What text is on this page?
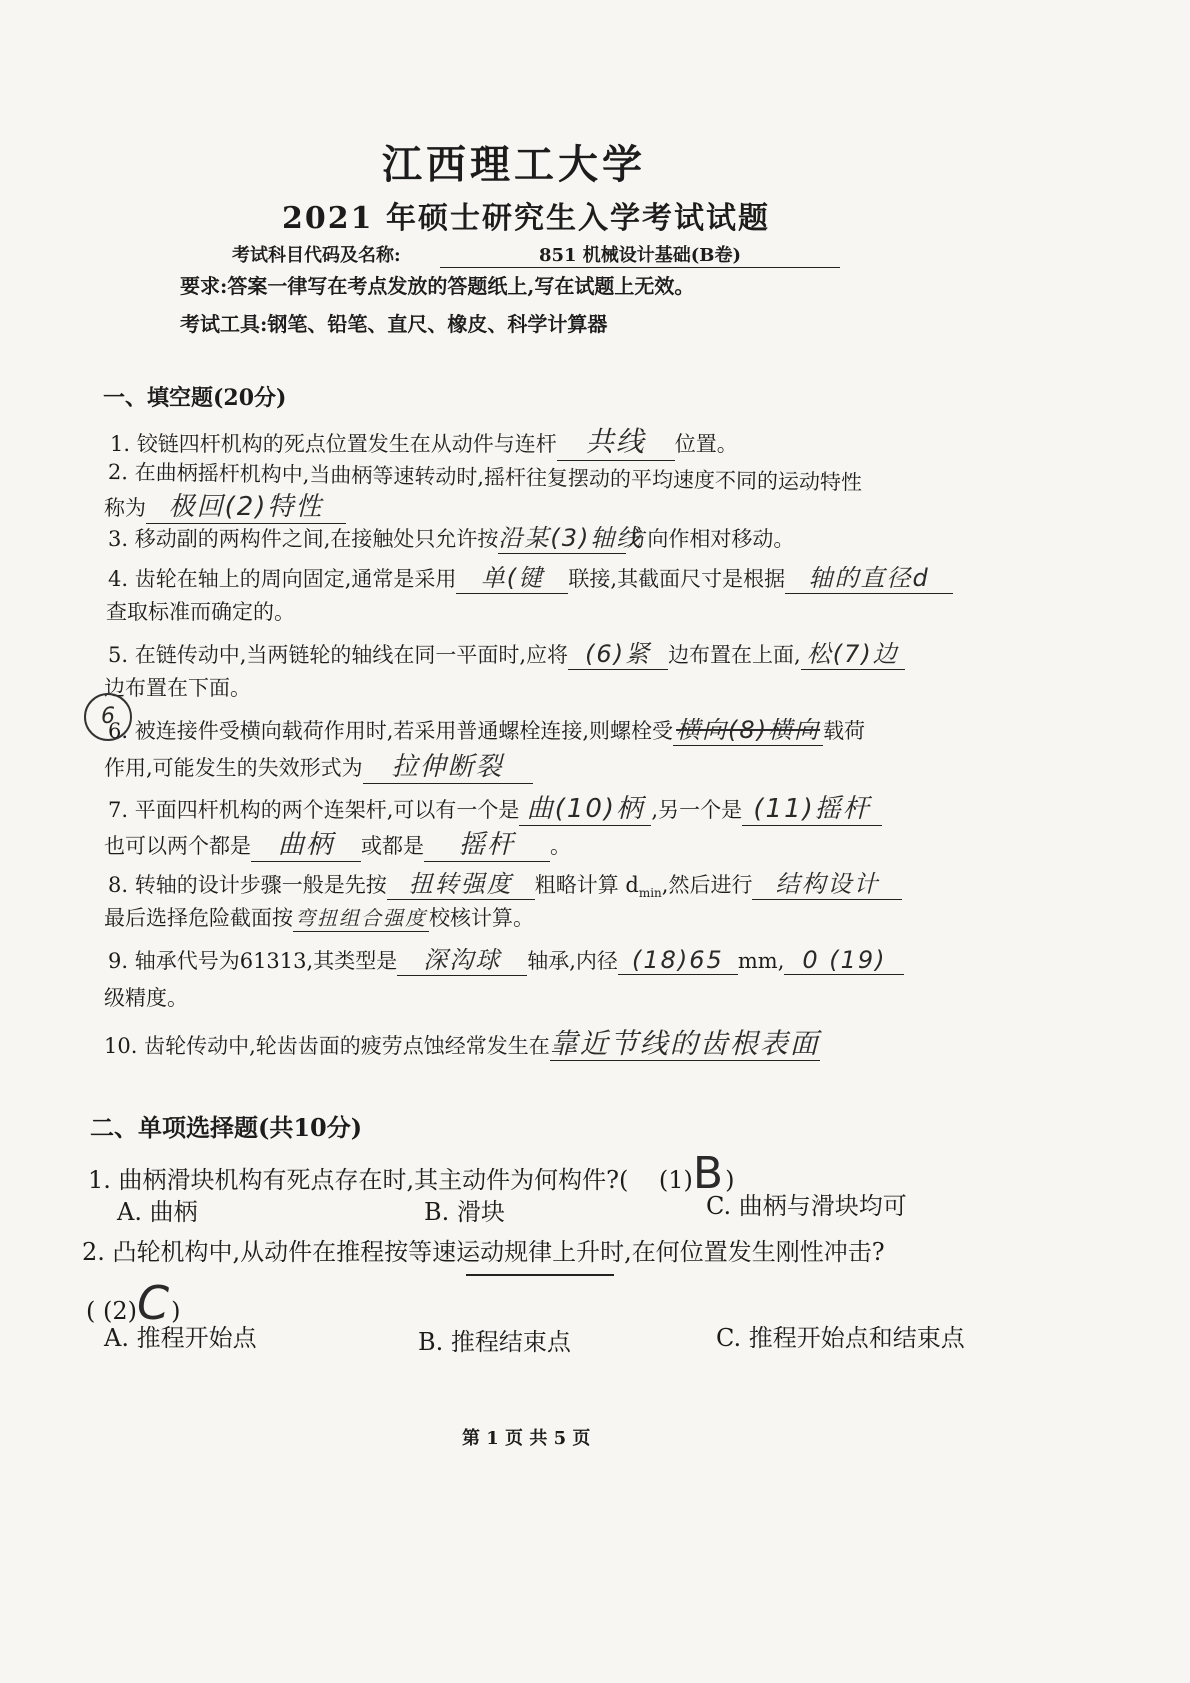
江西理工大学
2021 年硕士研究生入学考试试题
考试科目代码及名称:	851 机械设计基础(B卷)
要求:答案一律写在考点发放的答题纸上,写在试题上无效。
考试工具:钢笔、铅笔、直尺、橡皮、科学计算器
一、填空题(20分)
1. 铰链四杆机构的死点位置发生在从动件与连杆 共线 位置。
2. 在曲柄摇杆机构中,当曲柄等速转动时,摇杆往复摆动的平均速度不同的运动特性
称为 极回(2)特性
3. 移动副的两构件之间,在接触处只允许按沿某(3)轴线方向作相对移动。
4. 齿轮在轴上的周向固定,通常是采用 单(键 联接,其截面尺寸是根据 轴的直径d
查取标准而确定的。
5. 在链传动中,当两链轮的轴线在同一平面时,应将 (6)紧 边布置在上面, 松(7)边
边布置在下面。
6
6. 被连接件受横向载荷作用时,若采用普通螺栓连接,则螺栓受 横向(8)横向 载荷
作用,可能发生的失效形式为 拉伸断裂
7. 平面四杆机构的两个连架杆,可以有一个是 曲(10)柄 ,另一个是 (11)摇杆
也可以两个都是 曲柄 或都是 摇杆 。
8. 转轴的设计步骤一般是先按 扭转强度 粗略计算 $d_{min}$,然后进行 结构设计
最后选择危险截面按 弯扭组合强度校核计算。
9. 轴承代号为61313,其类型是 深沟球 轴承,内径 (18)65 mm, 0 (19)
级精度。
10. 齿轮传动中,轮齿齿面的疲劳点蚀经常发生在靠近节线的齿根表面
二、单项选择题(共10分)
1. 曲柄滑块机构有死点存在时,其主动件为何构件?( (1)B)
A. 曲柄	B. 滑块	C. 曲柄与滑块均可
2. 凸轮机构中,从动件在推程按等速运动规律上升时,在何位置发生刚性冲击?
( (2)C)
A. 推程开始点	B. 推程结束点	C. 推程开始点和结束点
第 1 页 共 5 页
